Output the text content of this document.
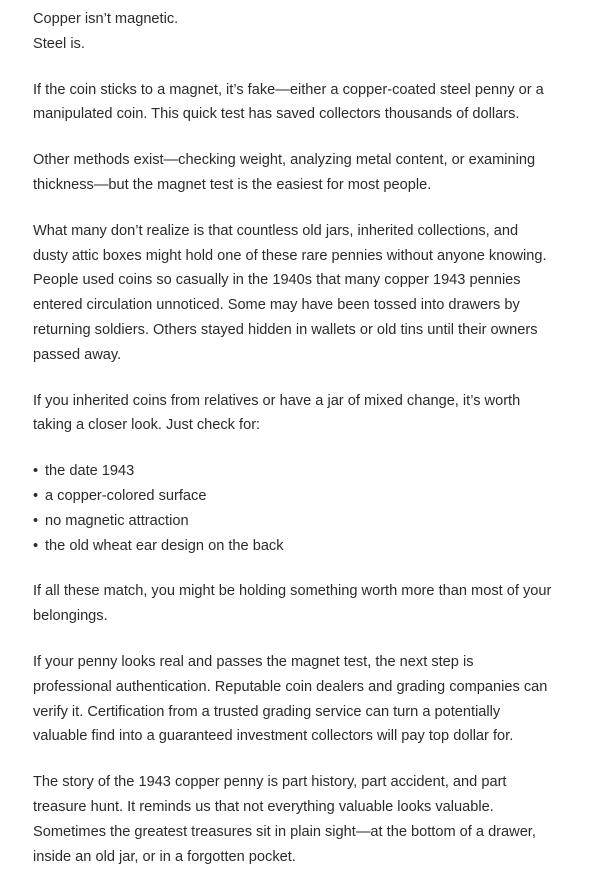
Copper isn’t magnetic.
Steel is.

If the coin sticks to a magnet, it’s fake—either a copper-coated steel penny or a
manipulated coin. This quick test has saved collectors thousands of dollars.

Other methods exist—checking weight, analyzing metal content, or examining
thickness—but the magnet test is the easiest for most people.

What many don’t realize is that countless old jars, inherited collections, and
dusty attic boxes might hold one of these rare pennies without anyone knowing.
People used coins so casually in the 1940s that many copper 1943 pennies
entered circulation unnoticed. Some may have been tossed into drawers by
returning soldiers. Others stayed hidden in wallets or old tins until their owners
passed away.

If you inherited coins from relatives or have a jar of mixed change, it’s worth
taking a closer look. Just check for:

• the date 1943
• a copper-colored surface
• no magnetic attraction
• the old wheat ear design on the back

If all these match, you might be holding something worth more than most of your
belongings.

If your penny looks real and passes the magnet test, the next step is
professional authentication. Reputable coin dealers and grading companies can
verify it. Certification from a trusted grading service can turn a potentially
valuable find into a guaranteed investment collectors will pay top dollar for.

The story of the 1943 copper penny is part history, part accident, and part
treasure hunt. It reminds us that not everything valuable looks valuable.
Sometimes the greatest treasures sit in plain sight—at the bottom of a drawer,
inside an old jar, or in a forgotten pocket.
